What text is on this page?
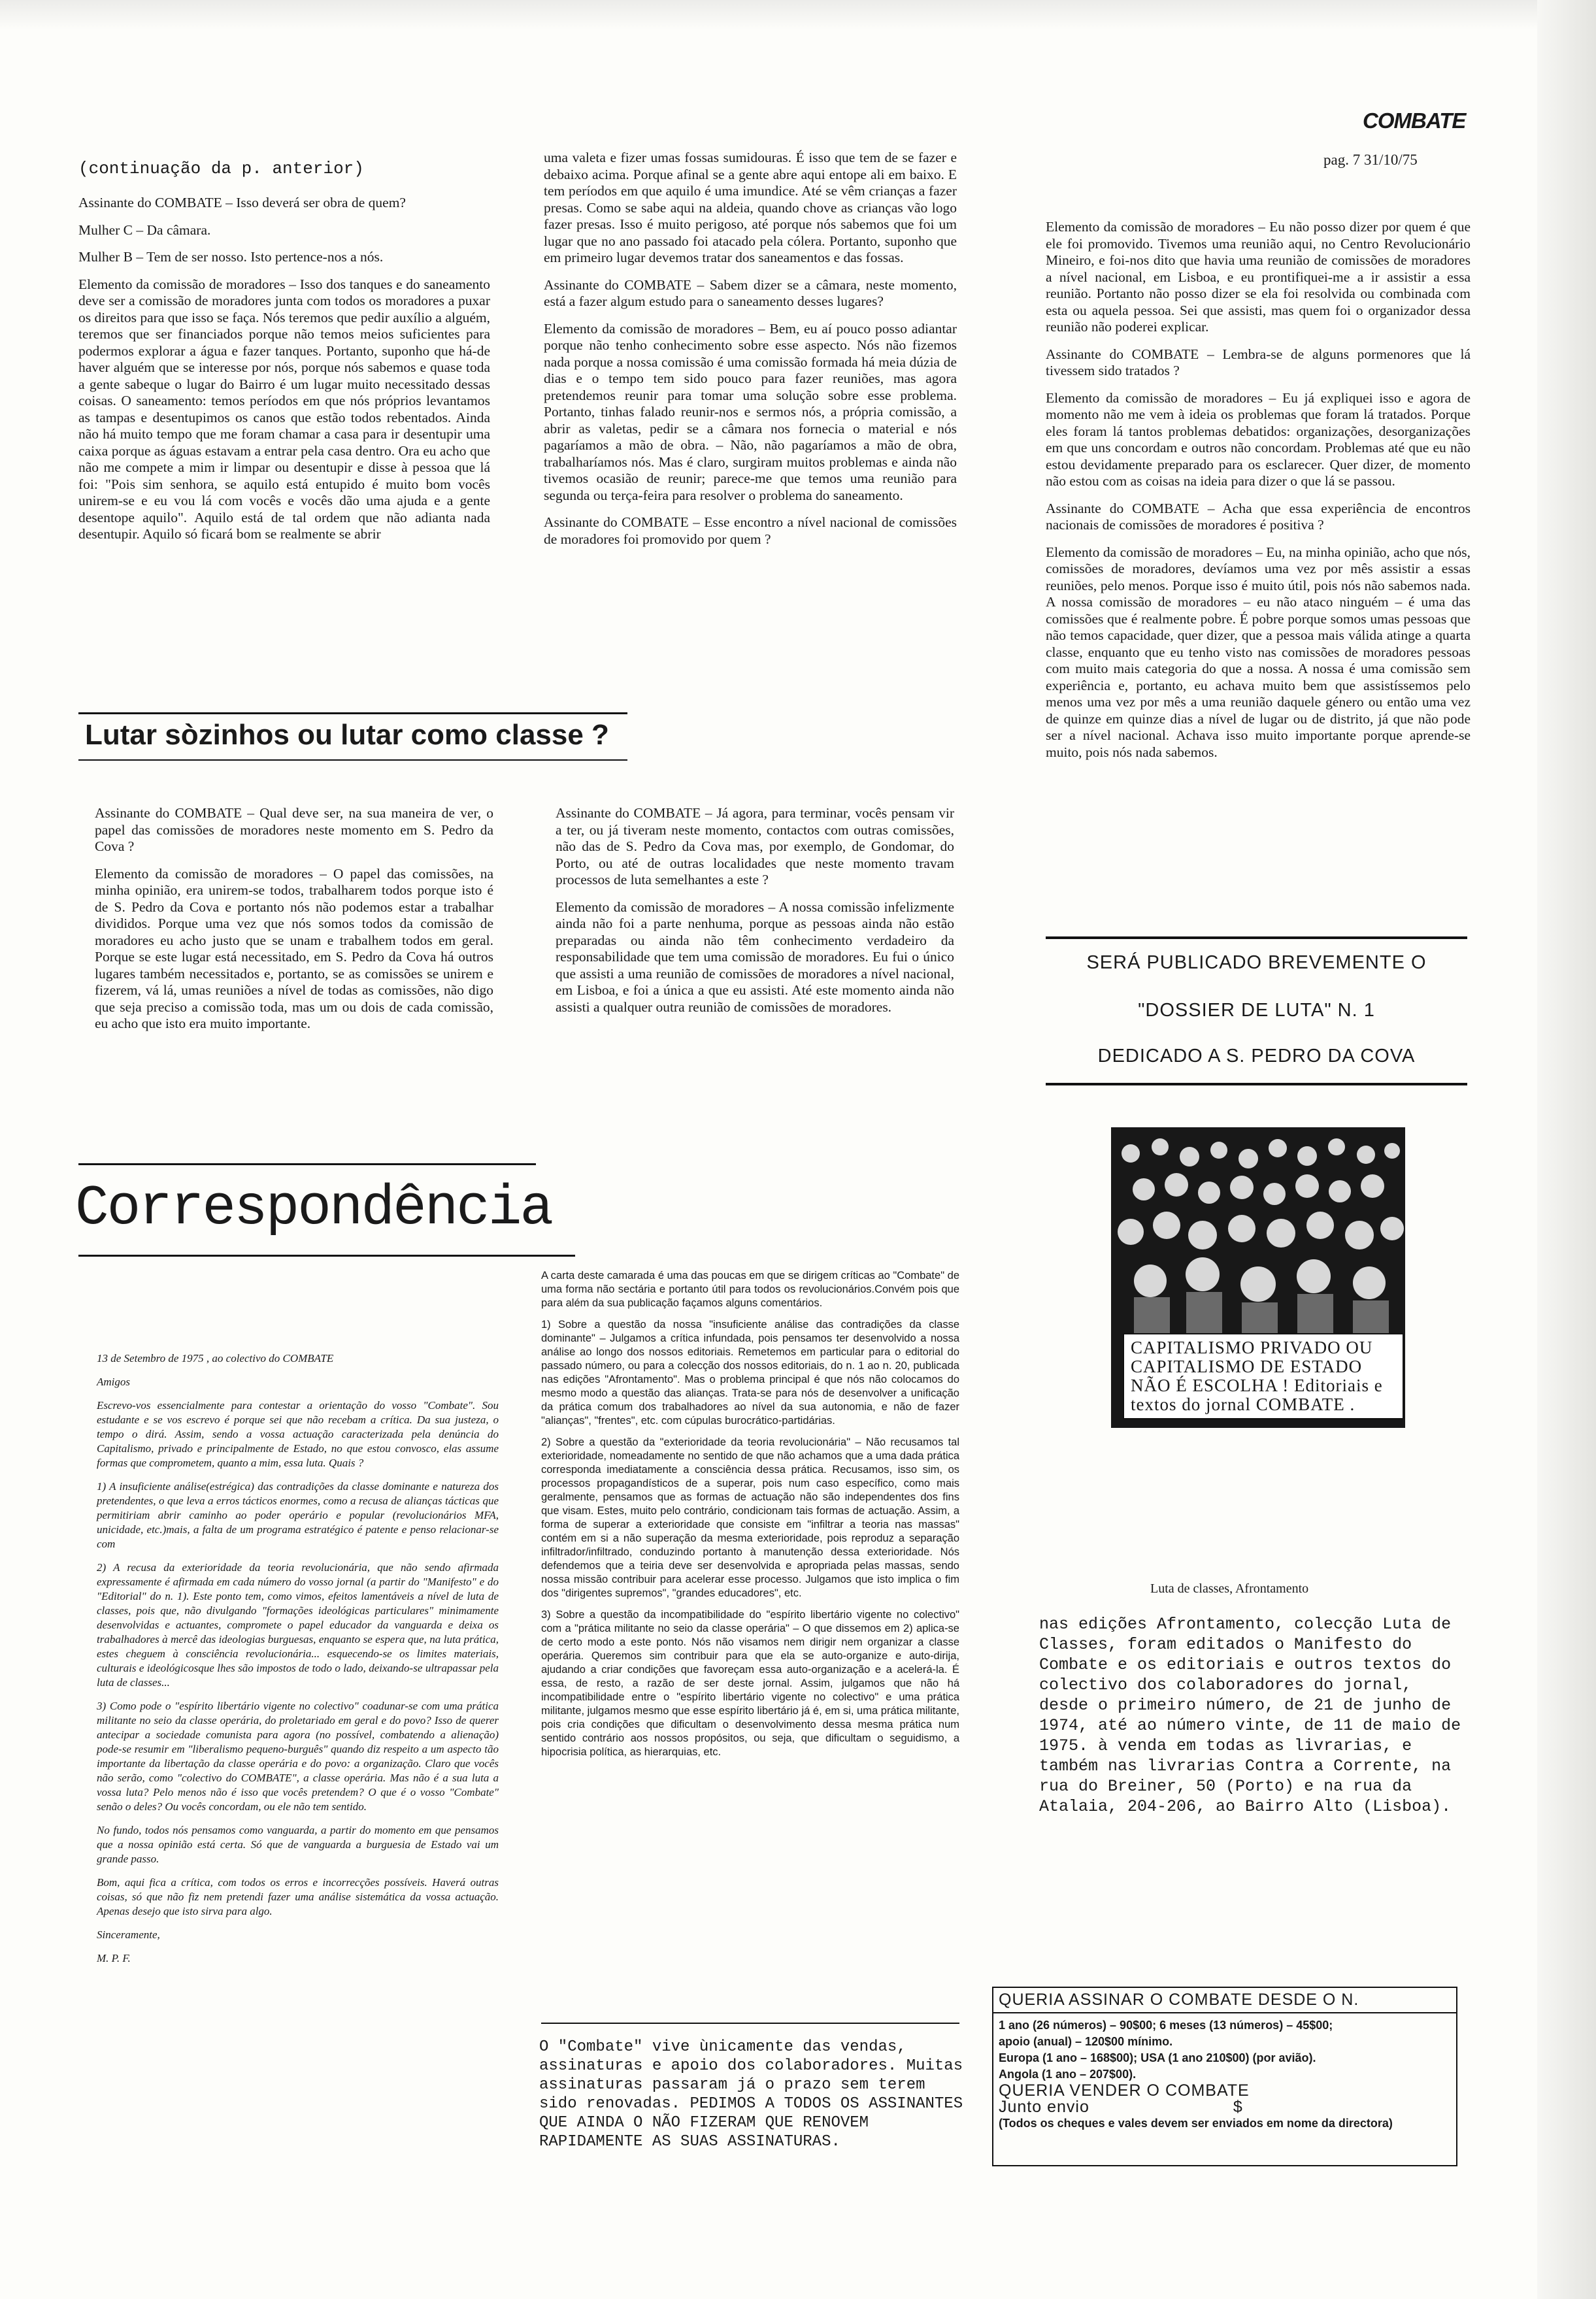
COMBATE
pag. 7 31/10/75
(continuação da p. anterior)

Assinante do COMBATE – Isso deverá ser obra de quem?

Mulher C – Da câmara.

Mulher B – Tem de ser nosso. Isto pertence-nos a nós.

Elemento da comissão de moradores – Isso dos tanques e do saneamento deve ser a comissão de moradores junta com todos os moradores a puxar os direitos para que isso se faça. Nós teremos que pedir auxílio a alguém, teremos que ser financiados porque não temos meios suficientes para podermos explorar a água e fazer tanques. Portanto, suponho que há-de haver alguém que se interesse por nós, porque nós sabemos e quase toda a gente sabeque o lugar do Bairro é um lugar muito necessitado dessas coisas. O saneamento: temos períodos em que nós próprios levantamos as tampas e desentupimos os canos que estão todos rebentados. Ainda não há muito tempo que me foram chamar a casa para ir desentupir uma caixa porque as águas estavam a entrar pela casa dentro. Ora eu acho que não me compete a mim ir limpar ou desentupir e disse à pessoa que lá foi: "Pois sim senhora, se aquilo está entupido é muito bom vocês unirem-se e eu vou lá com vocês e vocês dão uma ajuda e a gente desentope aquilo". Aquilo está de tal ordem que não adianta nada desentupir. Aquilo só ficará bom se realmente se abrir

uma valeta e fizer umas fossas sumidouras. É isso que tem de se fazer e debaixo acima. Porque afinal se a gente abre aqui entope ali em baixo. E tem períodos em que aquilo é uma imundice. Até se vêm crianças a fazer presas. Como se sabe aqui na aldeia, quando chove as crianças vão logo fazer presas. Isso é muito perigoso, até porque nós sabemos que foi um lugar que no ano passado foi atacado pela cólera. Portanto, suponho que em primeiro lugar devemos tratar dos saneamentos e das fossas.

Assinante do COMBATE – Sabem dizer se a câmara, neste momento, está a fazer algum estudo para o saneamento desses lugares?

Elemento da comissão de moradores – Bem, eu aí pouco posso adiantar porque não tenho conhecimento sobre esse aspecto. Nós não fizemos nada porque a nossa comissão é uma comissão formada há meia dúzia de dias e o tempo tem sido pouco para fazer reuniões, mas agora pretendemos reunir para tomar uma solução sobre esse problema. Portanto, tinhas falado reunir-nos e sermos nós, a própria comissão, a abrir as valetas, pedir se a câmara nos fornecia o material e nós pagaríamos a mão de obra. – Não, não pagaríamos a mão de obra, trabalharíamos nós. Mas é claro, surgiram muitos problemas e ainda não tivemos ocasião de reunir; parece-me que temos uma reunião para segunda ou terça-feira para resolver o problema do saneamento.

Assinante do COMBATE – Esse encontro a nível nacional de comissões de moradores foi promovido por quem ?

Elemento da comissão de moradores – Eu não posso dizer por quem é que ele foi promovido. Tivemos uma reunião aqui, no Centro Revolucionário Mineiro, e foi-nos dito que havia uma reunião de comissões de moradores a nível nacional, em Lisboa, e eu prontifiquei-me a ir assistir a essa reunião. Portanto não posso dizer se ela foi resolvida ou combinada com esta ou aquela pessoa. Sei que assisti, mas quem foi o organizador dessa reunião não poderei explicar.

Assinante do COMBATE – Lembra-se de alguns pormenores que lá tivessem sido tratados ?

Elemento da comissão de moradores – Eu já expliquei isso e agora de momento não me vem à ideia os problemas que foram lá tratados. Porque eles foram lá tantos problemas debatidos: organizações, desorganizações em que uns concordam e outros não concordam. Problemas até que eu não estou devidamente preparado para os esclarecer. Quer dizer, de momento não estou com as coisas na ideia para dizer o que lá se passou.

Assinante do COMBATE – Acha que essa experiência de encontros nacionais de comissões de moradores é positiva ?

Elemento da comissão de moradores – Eu, na minha opinião, acho que nós, comissões de moradores, devíamos uma vez por mês assistir a essas reuniões, pelo menos. Porque isso é muito útil, pois nós não sabemos nada. A nossa comissão de moradores – eu não ataco ninguém – é uma das comissões que é realmente pobre. É pobre porque somos umas pessoas que não temos capacidade, quer dizer, que a pessoa mais válida atinge a quarta classe, enquanto que eu tenho visto nas comissões de moradores pessoas com muito mais categoria do que a nossa. A nossa é uma comissão sem experiência e, portanto, eu achava muito bem que assistíssemos pelo menos uma vez por mês a uma reunião daquele género ou então uma vez de quinze em quinze dias a nível de lugar ou de distrito, já que não pode ser a nível nacional. Achava isso muito importante porque aprende-se muito, pois nós nada sabemos.

Lutar sòzinhos ou lutar como classe ?

Assinante do COMBATE – Qual deve ser, na sua maneira de ver, o papel das comissões de moradores neste momento em S. Pedro da Cova ?

Elemento da comissão de moradores – O papel das comissões, na minha opinião, era unirem-se todos, trabalharem todos porque isto é de S. Pedro da Cova e portanto nós não podemos estar a trabalhar divididos. Porque uma vez que nós somos todos da comissão de moradores eu acho justo que se unam e trabalhem todos em geral. Porque se este lugar está necessitado, em S. Pedro da Cova há outros lugares também necessitados e, portanto, se as comissões se unirem e fizerem, vá lá, umas reuniões a nível de todas as comissões, não digo que seja preciso a comissão toda, mas um ou dois de cada comissão, eu acho que isto era muito importante.

Assinante do COMBATE – Já agora, para terminar, vocês pensam vir a ter, ou já tiveram neste momento, contactos com outras comissões, não das de S. Pedro da Cova mas, por exemplo, de Gondomar, do Porto, ou até de outras localidades que neste momento travam processos de luta semelhantes a este ?

Elemento da comissão de moradores – A nossa comissão infelizmente ainda não foi a parte nenhuma, porque as pessoas ainda não estão preparadas ou ainda não têm conhecimento verdadeiro da responsabilidade que tem uma comissão de moradores. Eu fui o único que assisti a uma reunião de comissões de moradores a nível nacional, em Lisboa, e foi a única a que eu assisti. Até este momento ainda não assisti a qualquer outra reunião de comissões de moradores.

SERÁ PUBLICADO BREVEMENTE O
"DOSSIER DE LUTA" N. 1
DEDICADO A S. PEDRO DA COVA
Correspondência

13 de Setembro de 1975 , ao colectivo do COMBATE

Amigos

Escrevo-vos essencialmente para contestar a orientação do vosso "Combate". Sou estudante e se vos escrevo é porque sei que não recebam a crítica. Da sua justeza, o tempo o dirá. Assim, sendo a vossa actuação caracterizada pela denúncia do Capitalismo, privado e principalmente de Estado, no que estou convosco, elas assume formas que comprometem, quanto a mim, essa luta. Quais ?

1) A insuficiente análise(estrégica) das contradições da classe dominante e natureza dos pretendentes, o que leva a erros tácticos enormes, como a recusa de alianças tácticas que permitiriam abrir caminho ao poder operário e popular (revolucionários MFA, unicidade, etc.)mais, a falta de um programa estratégico é patente e penso relacionar-se com

2) A recusa da exterioridade da teoria revolucionária, que não sendo afirmada expressamente é afirmada em cada número do vosso jornal (a partir do "Manifesto" e do "Editorial" do n. 1). Este ponto tem, como vimos, efeitos lamentáveis a nível de luta de classes, pois que, não divulgando "formações ideológicas particulares" minimamente desenvolvidas e actuantes, compromete o papel educador da vanguarda e deixa os trabalhadores à mercê das ideologias burguesas, enquanto se espera que, na luta prática, estes cheguem à consciência revolucionária... esquecendo-se os limites materiais, culturais e ideológicosque lhes são impostos de todo o lado, deixando-se ultrapassar pela luta de classes...

3) Como pode o "espírito libertário vigente no colectivo" coadunar-se com uma prática militante no seio da classe operária, do proletariado em geral e do povo? Isso de querer antecipar a sociedade comunista para agora (no possível, combatendo a alienação) pode-se resumir em "liberalismo pequeno-burguês" quando diz respeito a um aspecto tão importante da libertação da classe operária e do povo: a organização. Claro que vocês não serão, como "colectivo do COMBATE", a classe operária. Mas não é a sua luta a vossa luta? Pelo menos não é isso que vocês pretendem? O que é o vosso "Combate" senão o deles? Ou vocês concordam, ou ele não tem sentido.

No fundo, todos nós pensamos como vanguarda, a partir do momento em que pensamos que a nossa opinião está certa. Só que de vanguarda a burguesia de Estado vai um grande passo.

Bom, aqui fica a crítica, com todos os erros e incorrecções possíveis. Haverá outras coisas, só que não fiz nem pretendi fazer uma análise sistemática da vossa actuação. Apenas desejo que isto sirva para algo.

Sinceramente,

M. P. F.

A carta deste camarada é uma das poucas em que se dirigem críticas ao "Combate" de uma forma não sectária e portanto útil para todos os revolucionários.Convém pois que para além da sua publicação façamos alguns comentários.

1) Sobre a questão da nossa "insuficiente análise das contradições da classe dominante" – Julgamos a crítica infundada, pois pensamos ter desenvolvido a nossa análise ao longo dos nossos editoriais. Remetemos em particular para o editorial do passado número, ou para a colecção dos nossos editoriais, do n. 1 ao n. 20, publicada nas edições "Afrontamento". Mas o problema principal é que nós não colocamos do mesmo modo a questão das alianças. Trata-se para nós de desenvolver a unificação da prática comum dos trabalhadores ao nível da sua autonomia, e não de fazer "alianças", "frentes", etc. com cúpulas burocrático-partidárias.

2) Sobre a questão da "exterioridade da teoria revolucionária" – Não recusamos tal exterioridade, nomeadamente no sentido de que não achamos que a uma dada prática corresponda imediatamente a consciência dessa prática. Recusamos, isso sim, os processos propagandísticos de a superar, pois num caso específico, como mais geralmente, pensamos que as formas de actuação não são independentes dos fins que visam. Estes, muito pelo contrário, condicionam tais formas de actuação. Assim, a forma de superar a exterioridade que consiste em "infiltrar a teoria nas massas" contém em si a não superação da mesma exterioridade, pois reproduz a separação infiltrador/infiltrado, conduzindo portanto à manutenção dessa exterioridade. Nós defendemos que a teiria deve ser desenvolvida e apropriada pelas massas, sendo nossa missão contribuir para acelerar esse processo. Julgamos que isto implica o fim dos "dirigentes supremos", "grandes educadores", etc.

3) Sobre a questão da incompatibilidade do "espírito libertário vigente no colectivo" com a "prática militante no seio da classe operária" – O que dissemos em 2) aplica-se de certo modo a este ponto. Nós não visamos nem dirigir nem organizar a classe operária. Queremos sim contribuir para que ela se auto-organize e auto-dirija, ajudando a criar condições que favoreçam essa auto-organização e a acelerá-la. É essa, de resto, a razão de ser deste jornal. Assim, julgamos que não há incompatibilidade entre o "espírito libertário vigente no colectivo" e uma prática militante, julgamos mesmo que esse espírito libertário já é, em si, uma prática militante, pois cria condições que dificultam o desenvolvimento dessa mesma prática num sentido contrário aos nossos propósitos, ou seja, que dificultam o seguidismo, a hipocrisia política, as hierarquias, etc.

O "Combate" vive ùnicamente das vendas, assinaturas e apoio dos colaboradores. Muitas assinaturas passaram já o prazo sem terem sido renovadas. PEDIMOS A TODOS OS ASSINANTES QUE AINDA O NÃO FIZERAM QUE RENOVEM RAPIDAMENTE AS SUAS ASSINATURAS.
CAPITALISMO PRIVADO OU CAPITALISMO DE ESTADO NÃO É ESCOLHA ! Editoriais e textos do jornal COMBATE .
Luta de classes, Afrontamento
nas edições Afrontamento, colecção Luta de Classes, foram editados o Manifesto do Combate e os editoriais e outros textos do colectivo dos colaboradores do jornal, desde o primeiro número, de 21 de junho de 1974, até ao número vinte, de 11 de maio de 1975. à venda em todas as livrarias, e também nas livrarias Contra a Corrente, na rua do Breiner, 50 (Porto) e na rua da Atalaia, 204-206, ao Bairro Alto (Lisboa).
QUERIA ASSINAR O COMBATE DESDE O N.
1 ano (26 números) – 90$00; 6 meses (13 números) – 45$00;
apoio (anual) – 120$00 mínimo.
Europa (1 ano – 168$00); USA (1 ano 210$00) (por avião).
Angola (1 ano – 207$00).
QUERIA VENDER O COMBATE
Junto envio	$
(Todos os cheques e vales devem ser enviados em nome da directora)
